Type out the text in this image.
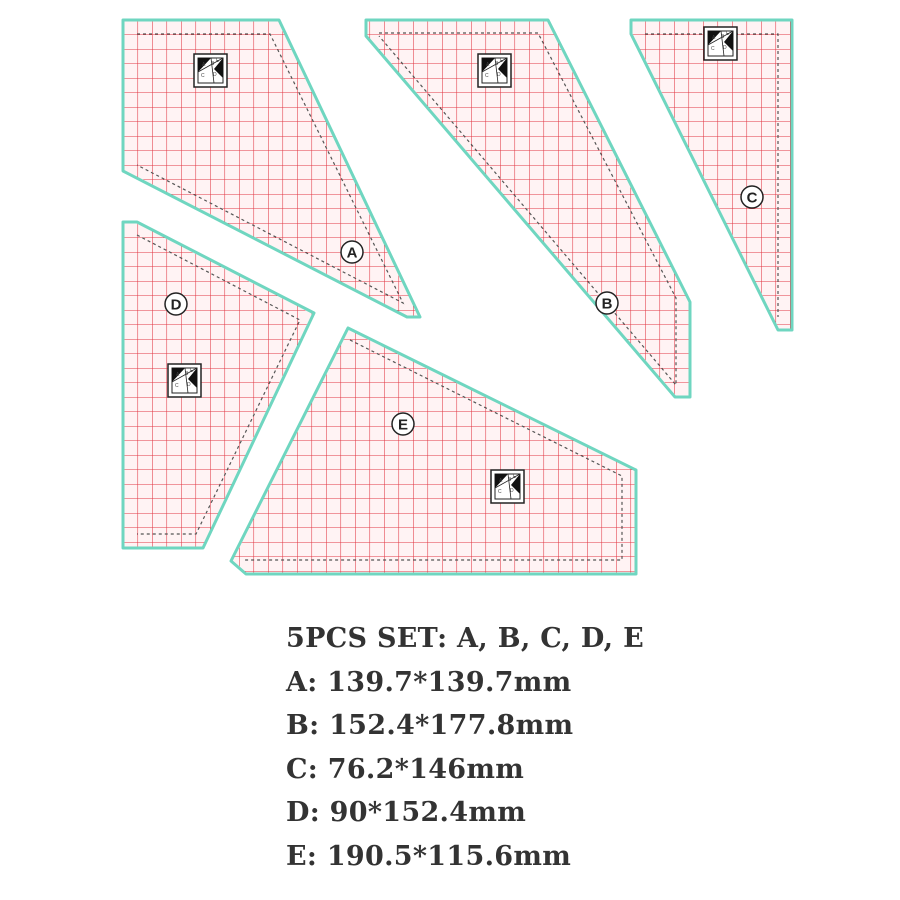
A B
C D
E
A
A B
C D
E
B
A B
C D
E
C
A B
C D
E
D
A B
C D
E
E
5PCS SET: A, B, C, D, E
A: 139.7*139.7mm
B: 152.4*177.8mm
C: 76.2*146mm
D: 90*152.4mm
E: 190.5*115.6mm
